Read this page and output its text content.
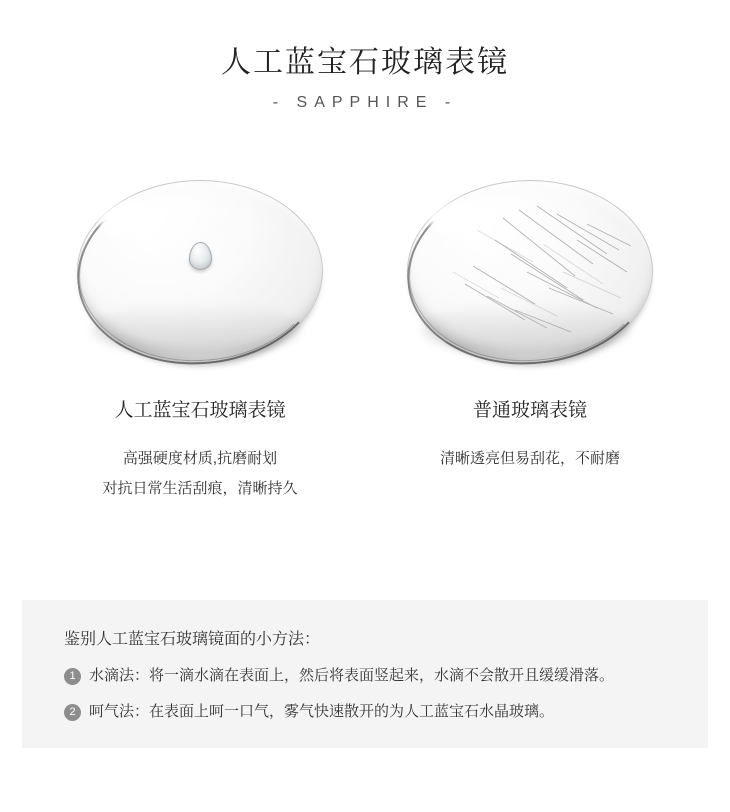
人工蓝宝石玻璃表镜
- SAPPHIRE -
人工蓝宝石玻璃表镜
高强硬度材质,抗磨耐划
对抗日常生活刮痕，清晰持久
普通玻璃表镜
清晰透亮但易刮花，不耐磨
鉴别人工蓝宝石玻璃镜面的小方法：
1 水滴法：将一滴水滴在表面上，然后将表面竖起来，水滴不会散开且缓缓滑落。
2 呵气法：在表面上呵一口气，雾气快速散开的为人工蓝宝石水晶玻璃。
